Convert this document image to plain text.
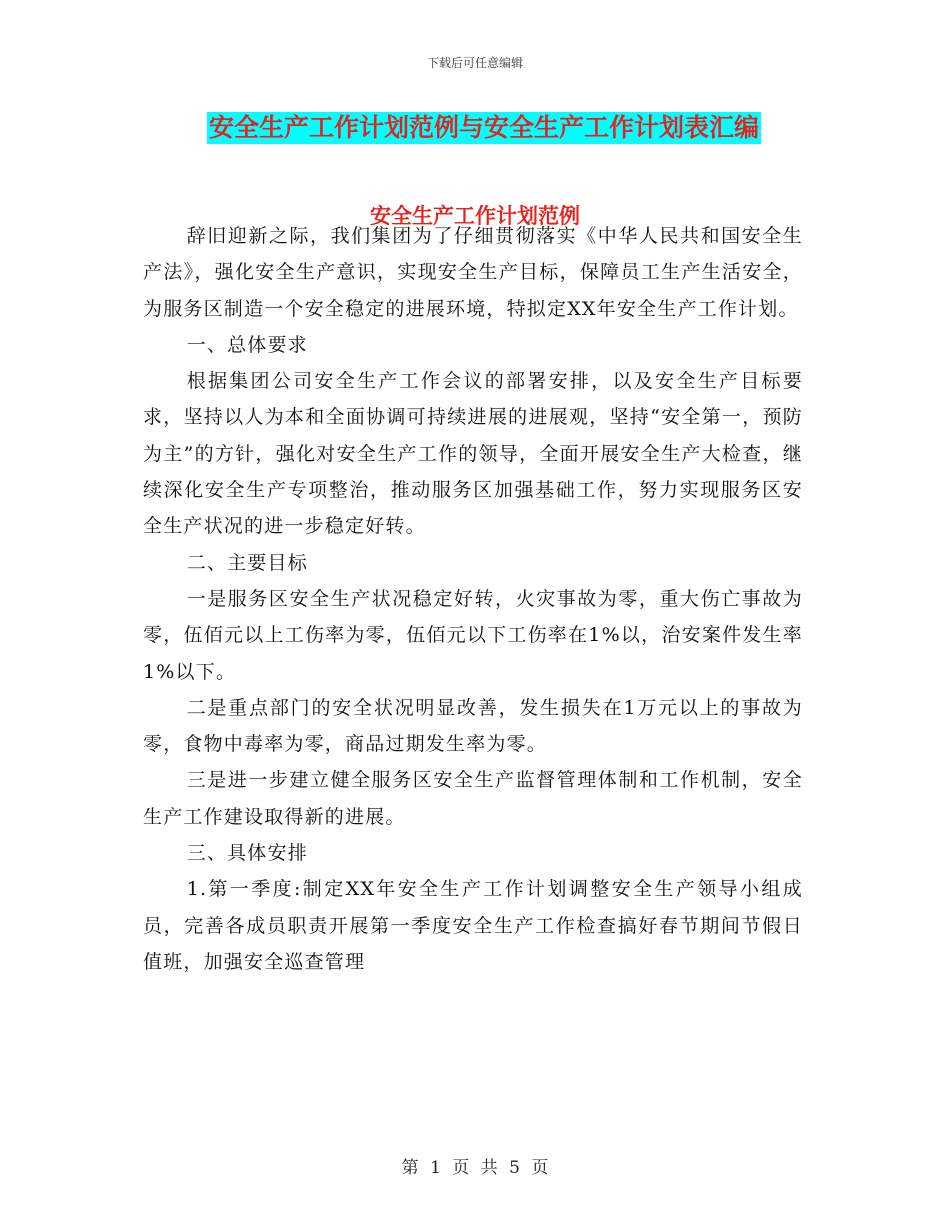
下载后可任意编辑
安全生产工作计划范例与安全生产工作计划表汇编
安全生产工作计划范例

辞旧迎新之际，我们集团为了仔细贯彻落实《中华人民共和国安全生产法》，强化安全生产意识，实现安全生产目标，保障员工生产生活安全，为服务区制造一个安全稳定的进展环境，特拟定XX年安全生产工作计划。

一、总体要求

根据集团公司安全生产工作会议的部署安排，以及安全生产目标要求，坚持以人为本和全面协调可持续进展的进展观，坚持“安全第一，预防为主”的方针，强化对安全生产工作的领导，全面开展安全生产大检查，继续深化安全生产专项整治，推动服务区加强基础工作，努力实现服务区安全生产状况的进一步稳定好转。

二、主要目标

一是服务区安全生产状况稳定好转，火灾事故为零，重大伤亡事故为零，伍佰元以上工伤率为零，伍佰元以下工伤率在1%以，治安案件发生率1%以下。

二是重点部门的安全状况明显改善，发生损失在1万元以上的事故为零，食物中毒率为零，商品过期发生率为零。

三是进一步建立健全服务区安全生产监督管理体制和工作机制，安全生产工作建设取得新的进展。

三、具体安排

1.第一季度:制定XX年安全生产工作计划调整安全生产领导小组成员，完善各成员职责开展第一季度安全生产工作检查搞好春节期间节假日值班，加强安全巡查管理

第 1 页 共 5 页
